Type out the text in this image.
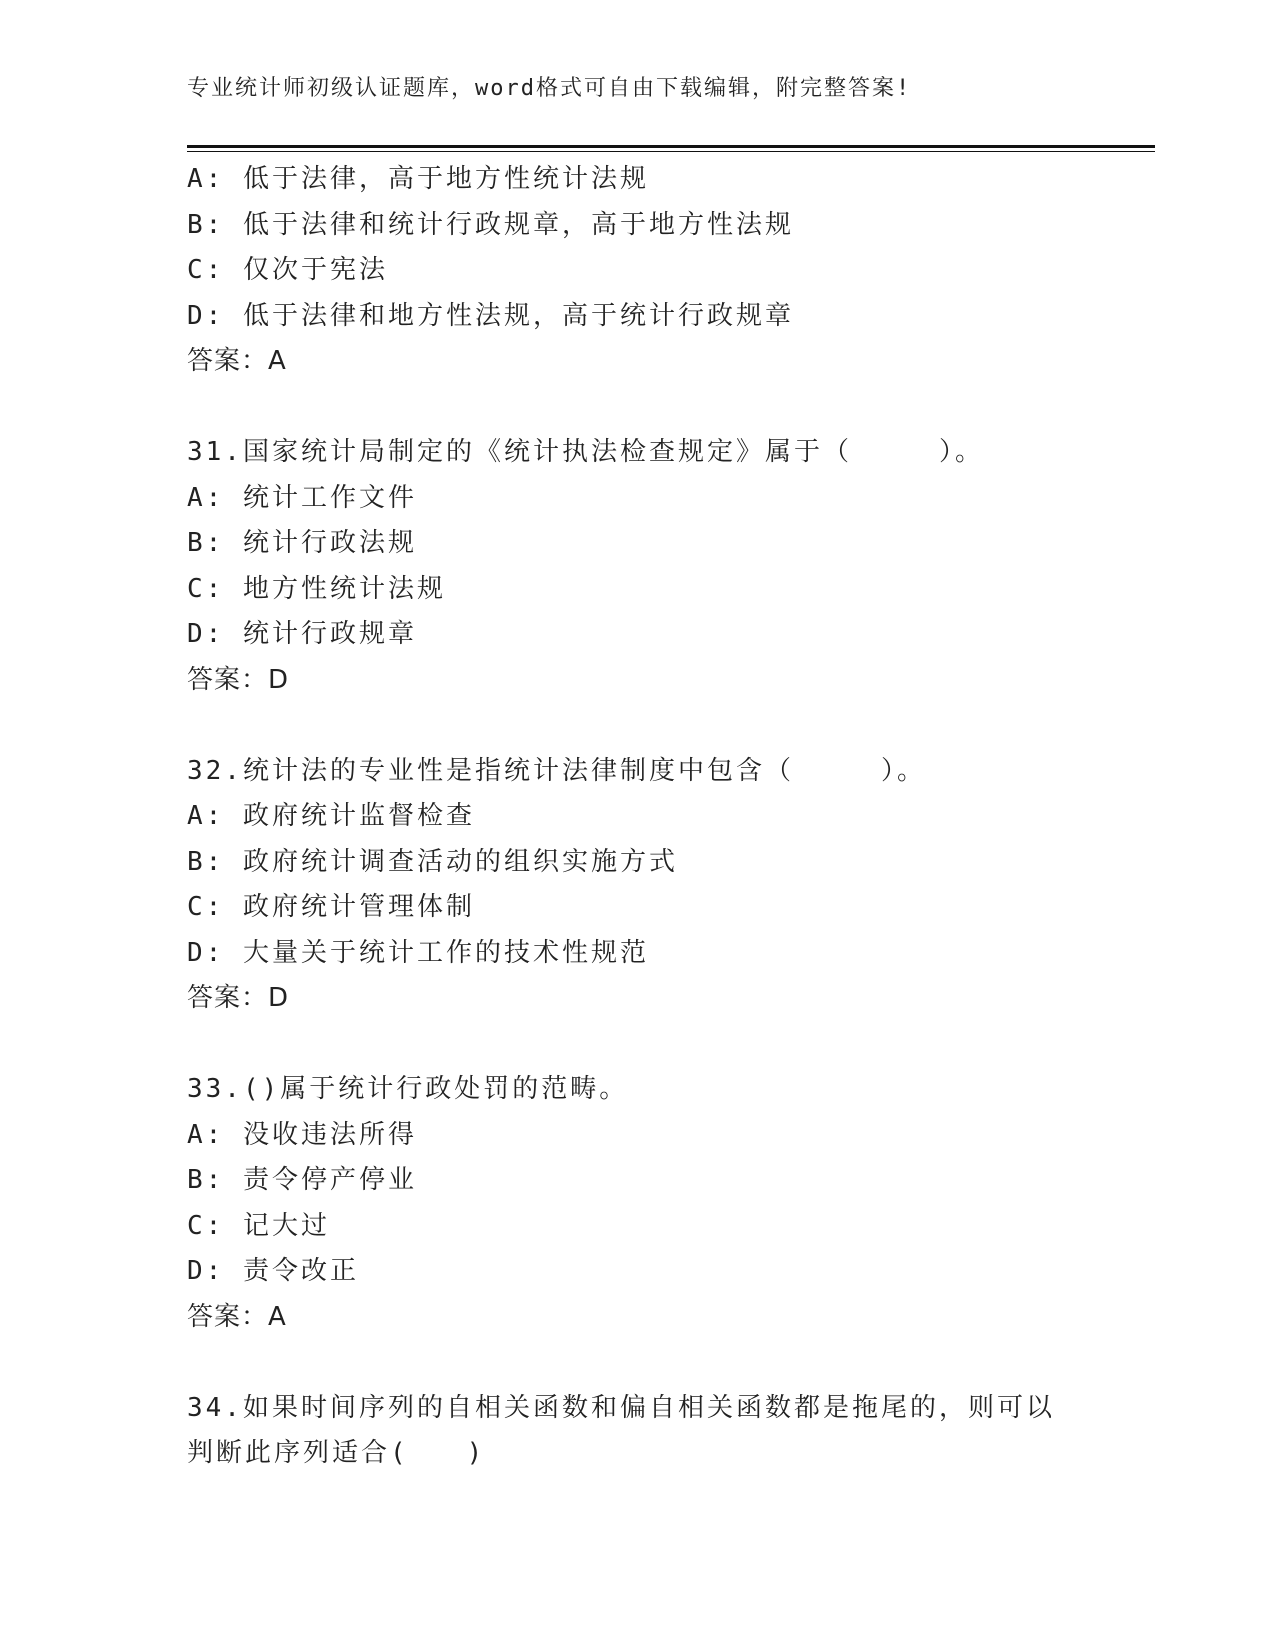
专业统计师初级认证题库，word格式可自由下载编辑，附完整答案!
A: 低于法律，高于地方性统计法规
B: 低于法律和统计行政规章，高于地方性法规
C: 仅次于宪法
D: 低于法律和地方性法规，高于统计行政规章
答案：A
31.国家统计局制定的《统计执法检查规定》属于（　　　）。
A: 统计工作文件
B: 统计行政法规
C: 地方性统计法规
D: 统计行政规章
答案：D
32.统计法的专业性是指统计法律制度中包含（　　　）。
A: 政府统计监督检查
B: 政府统计调查活动的组织实施方式
C: 政府统计管理体制
D: 大量关于统计工作的技术性规范
答案：D
33.()属于统计行政处罚的范畴。
A: 没收违法所得
B: 责令停产停业
C: 记大过
D: 责令改正
答案：A
34.如果时间序列的自相关函数和偏自相关函数都是拖尾的，则可以判断此序列适合(　　)
